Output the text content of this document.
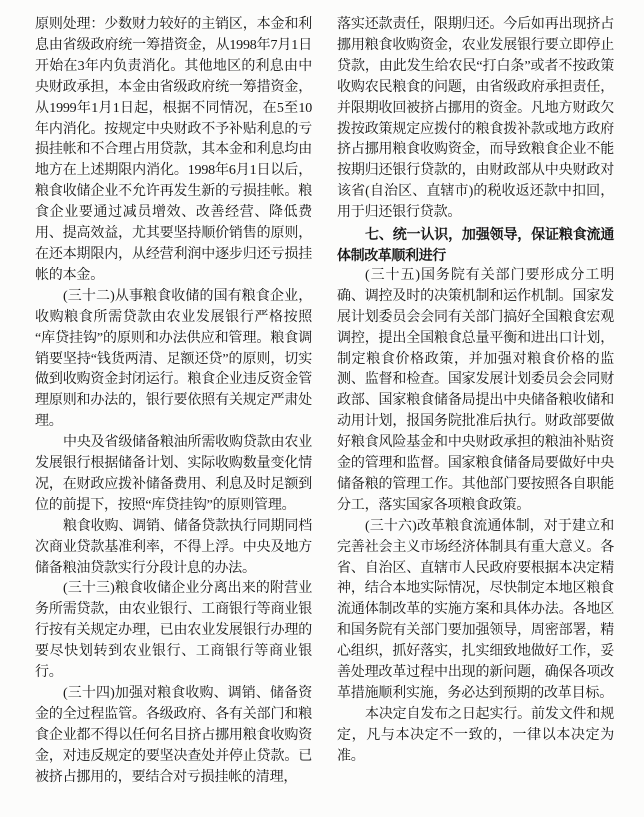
原则处理：少数财力较好的主销区，本金和利息由省级政府统一筹措资金，从1998年7月1日开始在3年内负责消化。其他地区的利息由中央财政承担，本金由省级政府统一筹措资金，从1999年1月1日起，根据不同情况，在5至10年内消化。按规定中央财政不予补贴利息的亏损挂帐和不合理占用贷款，其本金和利息均由地方在上述期限内消化。1998年6月1日以后，粮食收储企业不允许再发生新的亏损挂帐。粮食企业要通过减员增效、改善经营、降低费用、提高效益，尤其要坚持顺价销售的原则，在还本期限内，从经营利润中逐步归还亏损挂帐的本金。

(三十二)从事粮食收储的国有粮食企业，收购粮食所需贷款由农业发展银行严格按照“库贷挂钩”的原则和办法供应和管理。粮食调销要坚持“钱货两清、足额还贷”的原则，切实做到收购资金封闭运行。粮食企业违反资金管理原则和办法的，银行要依照有关规定严肃处理。

中央及省级储备粮油所需收购贷款由农业发展银行根据储备计划、实际收购数量变化情况，在财政应拨补储备费用、利息及时足额到位的前提下，按照“库贷挂钩”的原则管理。

粮食收购、调销、储备贷款执行同期同档次商业贷款基准利率，不得上浮。中央及地方储备粮油贷款实行分段计息的办法。

(三十三)粮食收储企业分离出来的附营业务所需贷款，由农业银行、工商银行等商业银行按有关规定办理，已由农业发展银行办理的要尽快划转到农业银行、工商银行等商业银行。

(三十四)加强对粮食收购、调销、储备资金的全过程监管。各级政府、各有关部门和粮食企业都不得以任何名目挤占挪用粮食收购资金，对违反规定的要坚决查处并停止贷款。已被挤占挪用的，要结合对亏损挂帐的清理，

落实还款责任，限期归还。今后如再出现挤占挪用粮食收购资金，农业发展银行要立即停止贷款，由此发生给农民“打白条”或者不按政策收购农民粮食的问题，由省级政府承担责任，并限期收回被挤占挪用的资金。凡地方财政欠拨按政策规定应拨付的粮食拨补款或地方政府挤占挪用粮食收购资金，而导致粮食企业不能按期归还银行贷款的，由财政部从中央财政对该省(自治区、直辖市)的税收返还款中扣回，用于归还银行贷款。

七、统一认识，加强领导，保证粮食流通体制改革顺利进行

(三十五)国务院有关部门要形成分工明确、调控及时的决策机制和运作机制。国家发展计划委员会会同有关部门搞好全国粮食宏观调控，提出全国粮食总量平衡和进出口计划，制定粮食价格政策，并加强对粮食价格的监测、监督和检查。国家发展计划委员会会同财政部、国家粮食储备局提出中央储备粮收储和动用计划，报国务院批准后执行。财政部要做好粮食风险基金和中央财政承担的粮油补贴资金的管理和监督。国家粮食储备局要做好中央储备粮的管理工作。其他部门要按照各自职能分工，落实国家各项粮食政策。

(三十六)改革粮食流通体制，对于建立和完善社会主义市场经济体制具有重大意义。各省、自治区、直辖市人民政府要根据本决定精神，结合本地实际情况，尽快制定本地区粮食流通体制改革的实施方案和具体办法。各地区和国务院有关部门要加强领导，周密部署，精心组织，抓好落实，扎实细致地做好工作，妥善处理改革过程中出现的新问题，确保各项改革措施顺利实施，务必达到预期的改革目标。

本决定自发布之日起实行。前发文件和规定，凡与本决定不一致的，一律以本决定为准。
